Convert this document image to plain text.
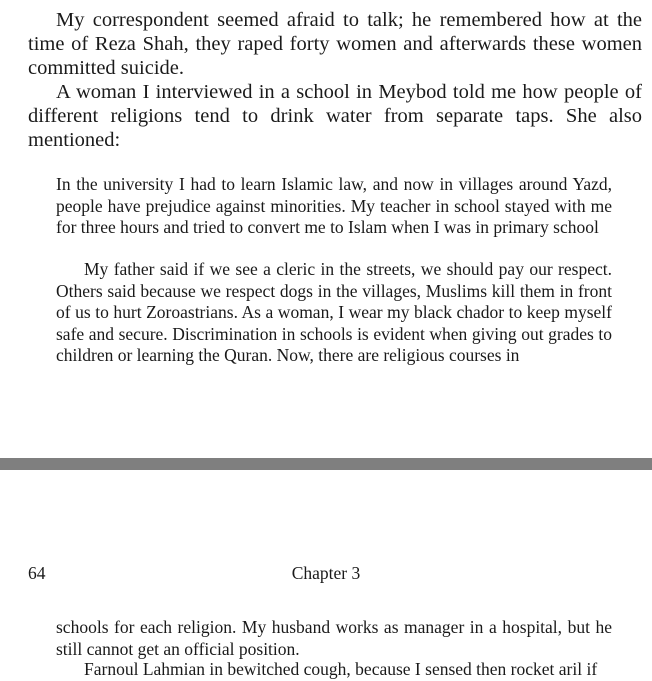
My correspondent seemed afraid to talk; he remembered how at the time of Reza Shah, they raped forty women and afterwards these women committed suicide.

A woman I interviewed in a school in Meybod told me how people of different religions tend to drink water from separate taps. She also mentioned:

In the university I had to learn Islamic law, and now in villages around Yazd, people have prejudice against minorities. My teacher in school stayed with me for three hours and tried to convert me to Islam when I was in primary school

My father said if we see a cleric in the streets, we should pay our respect. Others said because we respect dogs in the villages, Muslims kill them in front of us to hurt Zoroastrians. As a woman, I wear my black chador to keep myself safe and secure. Discrimination in schools is evident when giving out grades to children or learning the Quran. Now, there are religious courses in

64	Chapter 3

schools for each religion. My husband works as manager in a hospital, but he still cannot get an official position.

Farnoul Lahmian in bewitched cough, because I sensed then rocket aril if
